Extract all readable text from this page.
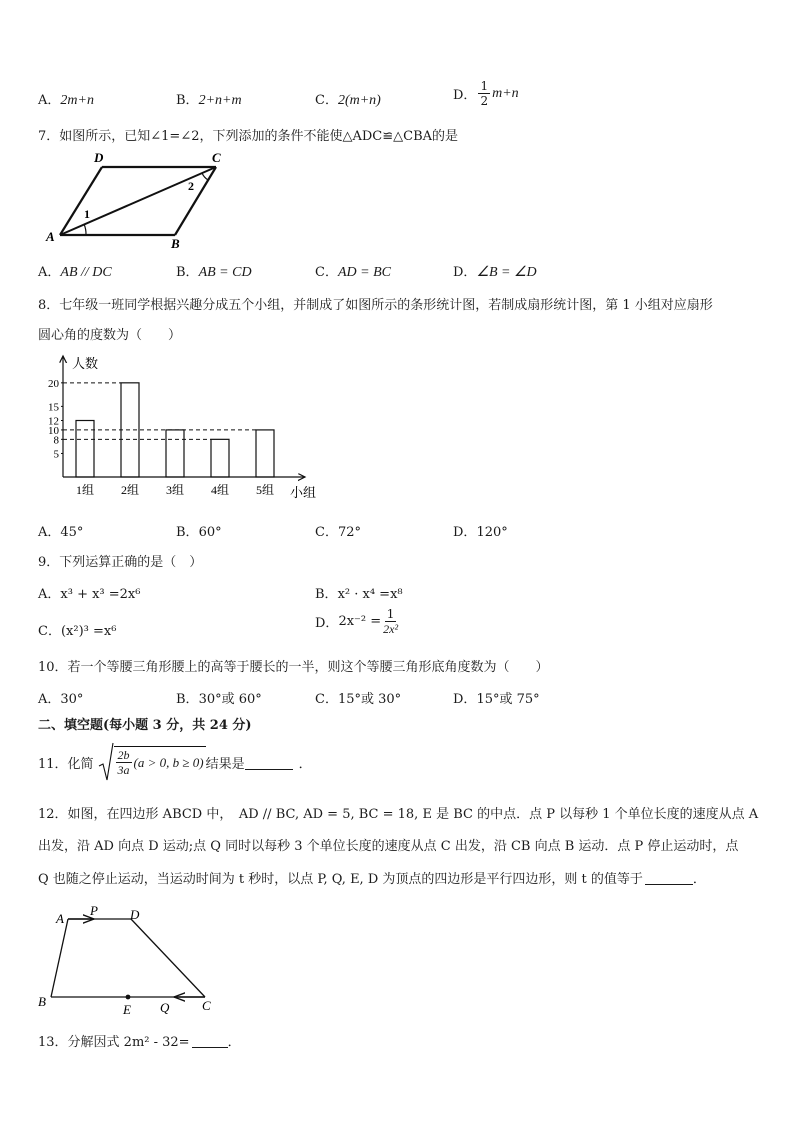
A．2m+n	B．2+n+m	C．2(m+n)	D． $\frac{1}{2} m+n$
7．如图所示，已知∠1=∠2，下列添加的条件不能使△ADC≌△CBA的是
A	B
C
D
1
2
A．AB // DC	B．AB = CD	C．AD = BC	D．∠B = ∠D
8．七年级一班同学根据兴趣分成五个小组，并制成了如图所示的条形统计图，若制成扇形统计图，第 1 小组对应扇形
圆心角的度数为（　　）
人数
小组
5
8
10
12
15
20
1组 2组 3组 4组 5组
A．45°	B．60°	C．72°	D．120°
9．下列运算正确的是（　）
A．x³ + x³ =2x⁶	B．x² · x⁴ =x⁸
C．(x²)³ =x⁶
D． $2x^{-2} = \frac{1}{\text{2x²}}$
10．若一个等腰三角形腰上的高等于腰长的一半，则这个等腰三角形底角度数为（　　）
A．30°	B．30°或 60°	C．15°或 30°	D．15°或 75°
二、填空题(每小题 3 分，共 24 分)
11．化简 $\frac{2b}{3a} (a > 0$, b ≥ 0) 结果是	．
12．如图，在四边形 ABCD 中，　AD // BC, AD = 5, BC = 18, E 是 BC 的中点．点 P 以每秒 1 个单位长度的速度从点 A
出发，沿 AD 向点 D 运动;点 Q 同时以每秒 3 个单位长度的速度从点 C 出发，沿 CB 向点 B 运动．点 P 停止运动时，点
Q 也随之停止运动，当运动时间为 t 秒时，以点 P, Q, E, D 为顶点的四边形是平行四边形，则 t 的值等于	．
A
P D
B
E Q	C
13．分解因式 2m² - 32=	．
